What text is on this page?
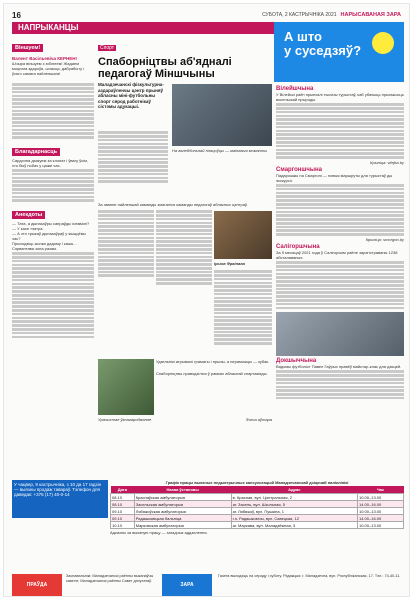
16	СУБОТА, 2 КАСТРЫЧНІКА 2021 НАРЫСАВАНАЯ ЗАРА
НАПРЫКАНЦЫ
А што
у суседзяў?
Віншуем!
Валент Васільевіча КЕРНЕН!
Шчыра віншуем з юбілеем! Жадаем моцнага здароўя, шчасця, дабрабыту і ўсяго самага найлепшага!
Благадарнасць
Сардэчна дзякуем за клопат і ўвагу ўсім, хто быў побач у цяжкі час.
Анекдоты
— Тата, а дыназаўры сапраўды існавалі?
— У касе тэатра.
— А хто трыкаў дыназаўраў у жыццёвы час?
Прыходзіць жонка дадому і кажа…
Сэрвантава зона разам.
У чацвер, 9 кастрычніка, з 10 да 17 гадзін — выязны продаж тавараў. Тэлефон для даведак: +375 (17) 40-0-14
Спорт
Спаборніцтвы аб'ядналі педагогаў Міншчыны
Маладзечанскі фізкультурна-аздараўленчы цэнтр прыняў абласны міні-футбольны спорт сярод работнікаў сістэмы адукацыі.
На валейбольнай пляцоўцы — маінавыя моманты
За званне найлепшай каманды змагаліся каманды педагогаў абласных цэнтраў.
Ірына Фраінава
Урачыстае ўзнагароджанне
Удзельнікі атрымалі граматы і прызы, а пераможцы — кубак.
Спаборніцтвы праводзіліся ў рамках абласнай спартакіяды.
Фота аўтара
Вілейшчына
У Вілейскі раён прыехалі тысячы турыстаў, каб убачыць прыгажосць восеньскай прыроды.
Крыніца: vilejka.by
Смаргоншчына
Падарожжы па Смаргоні — новыя маршруты для турыстаў ды экскурсіі.
Крыніца: smorgon.by
Салігоршчына
За 9 месяцаў 2021 года ў Салігорскім раёне зарэгістраваны 1238 абсталяваных.
Докшыччына
Вядомы футболіст Павел Гаўрых правёў майстар-клас для дзяцей.
Графік працы выязных педыятрычных кансультацый Маладзечанскай дзіцячай паліклінікі
Дата	Назва ўстановы	Адрас	Час
08.10	Краснаўская амбулаторыя	в. Красная, вул. Цэнтральная, 2	10.00–13.00
08.10	Засельская амбулаторыя	аг. Засель, вул. Школьная, 5	14.00–16.00
09.10	Лябяжоўская амбулаторыя	аг. Лябяжоў, вул. Пушкіна, 1	10.00–13.00
09.10	Радашковіцкая бальніца	г.п. Радашковічы, вул. Савецкая, 12	14.00–16.00
10.10	Марковская амбулаторыя	аг. Маркава, вул. Маладзёжная, 3	10.00–13.00
Адказны за выязную працу — загадчык аддзялення.
ПРАЎДА
Заснавальнікі: Маладзечанскі раённы выканаўчы камітэт, Маладзечанскі раённы Савет дэпутатаў.
ЗАРА
Газета выходзіць па сераду і суботу. Рэдакцыя: г. Маладзечна, вул. Рэспубліканская, 17. Тэл.: 74-40-11.
